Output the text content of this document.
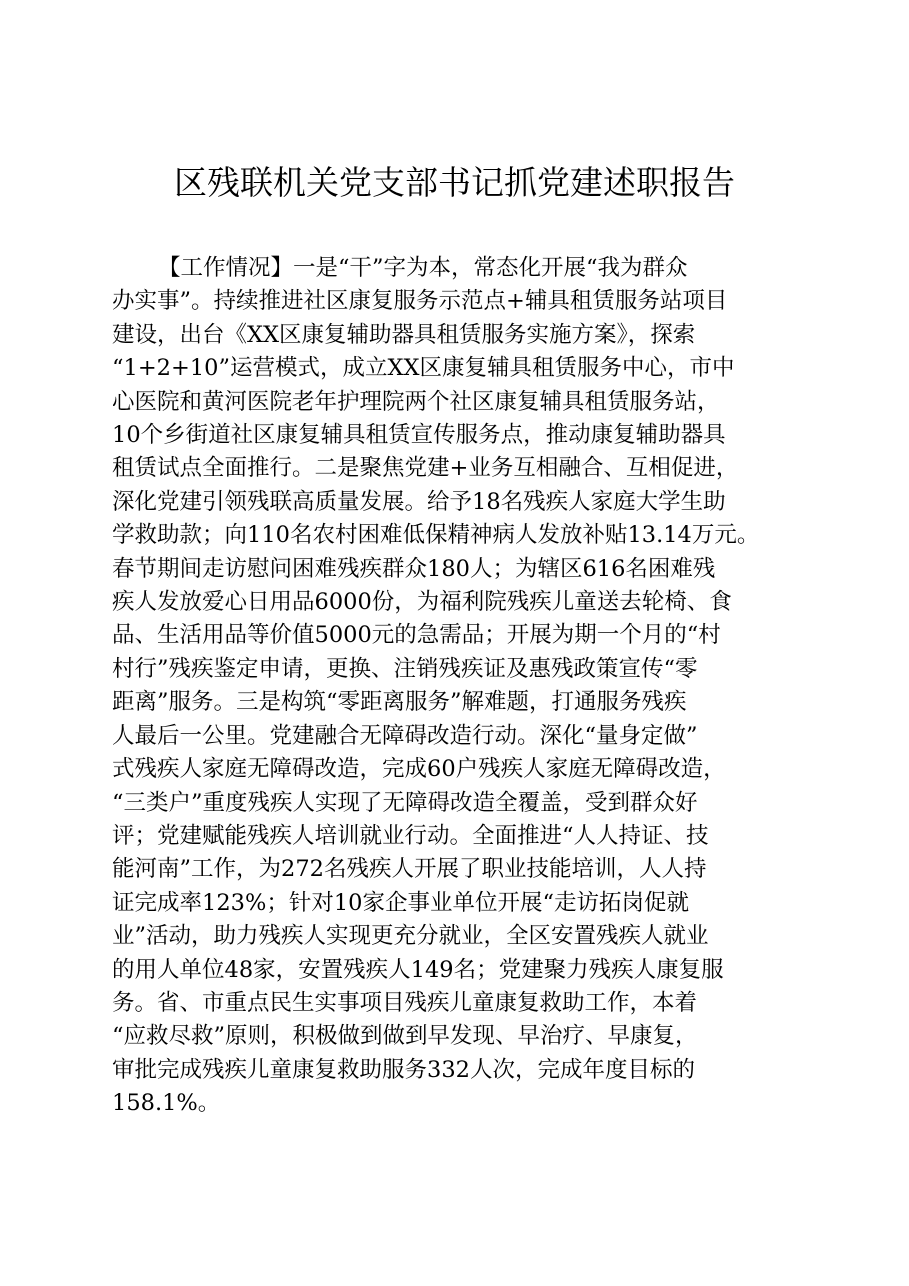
区残联机关党支部书记抓党建述职报告
【工作情况】一是“干”字为本，常态化开展“我为群众
办实事”。持续推进社区康复服务示范点+辅具租赁服务站项目
建设，出台《XX区康复辅助器具租赁服务实施方案》，探索
“1+2+10”运营模式，成立XX区康复辅具租赁服务中心，市中
心医院和黄河医院老年护理院两个社区康复辅具租赁服务站，
10个乡街道社区康复辅具租赁宣传服务点，推动康复辅助器具
租赁试点全面推行。二是聚焦党建+业务互相融合、互相促进，
深化党建引领残联高质量发展。给予18名残疾人家庭大学生助
学救助款；向110名农村困难低保精神病人发放补贴13.14万元。
春节期间走访慰问困难残疾群众180人；为辖区616名困难残
疾人发放爱心日用品6000份，为福利院残疾儿童送去轮椅、食
品、生活用品等价值5000元的急需品；开展为期一个月的“村
村行”残疾鉴定申请，更换、注销残疾证及惠残政策宣传“零
距离”服务。三是构筑“零距离服务”解难题，打通服务残疾
人最后一公里。党建融合无障碍改造行动。深化“量身定做”
式残疾人家庭无障碍改造，完成60户残疾人家庭无障碍改造，
“三类户”重度残疾人实现了无障碍改造全覆盖，受到群众好
评；党建赋能残疾人培训就业行动。全面推进“人人持证、技
能河南”工作，为272名残疾人开展了职业技能培训，人人持
证完成率123%；针对10家企事业单位开展“走访拓岗促就
业”活动，助力残疾人实现更充分就业，全区安置残疾人就业
的用人单位48家，安置残疾人149名；党建聚力残疾人康复服
务。省、市重点民生实事项目残疾儿童康复救助工作，本着
“应救尽救”原则，积极做到做到早发现、早治疗、早康复，
审批完成残疾儿童康复救助服务332人次，完成年度目标的
158.1%。
